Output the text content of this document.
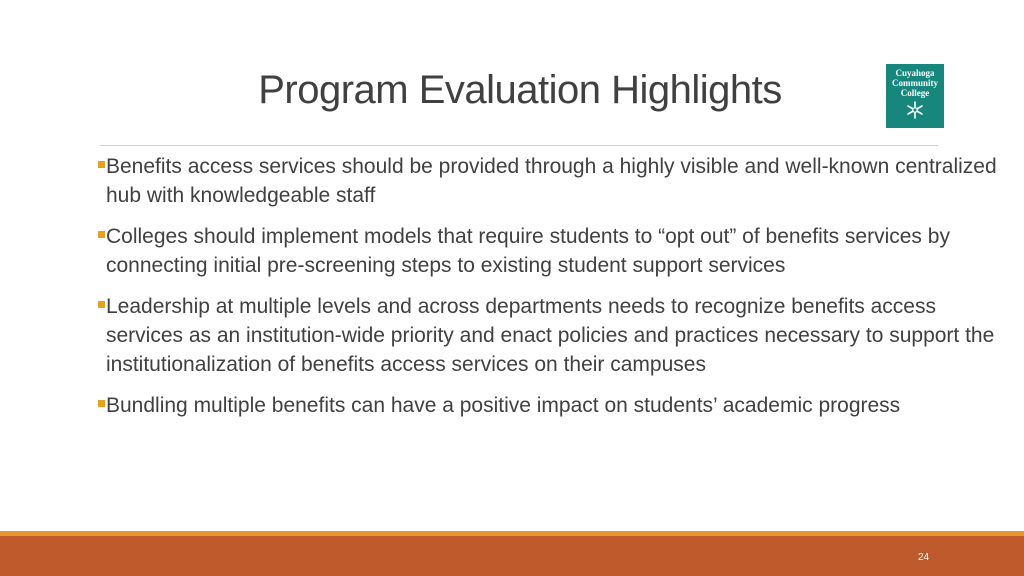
Program Evaluation Highlights	Cuyahoga
Community
College
Benefits access services should be provided through a highly visible and well-known centralized hub with knowledgeable staff
Colleges should implement models that require students to “opt out” of benefits services by connecting initial pre-screening steps to existing student support services
Leadership at multiple levels and across departments needs to recognize benefits access services as an institution-wide priority and enact policies and practices necessary to support the institutionalization of benefits access services on their campuses
Bundling multiple benefits can have a positive impact on students’ academic progress
24
